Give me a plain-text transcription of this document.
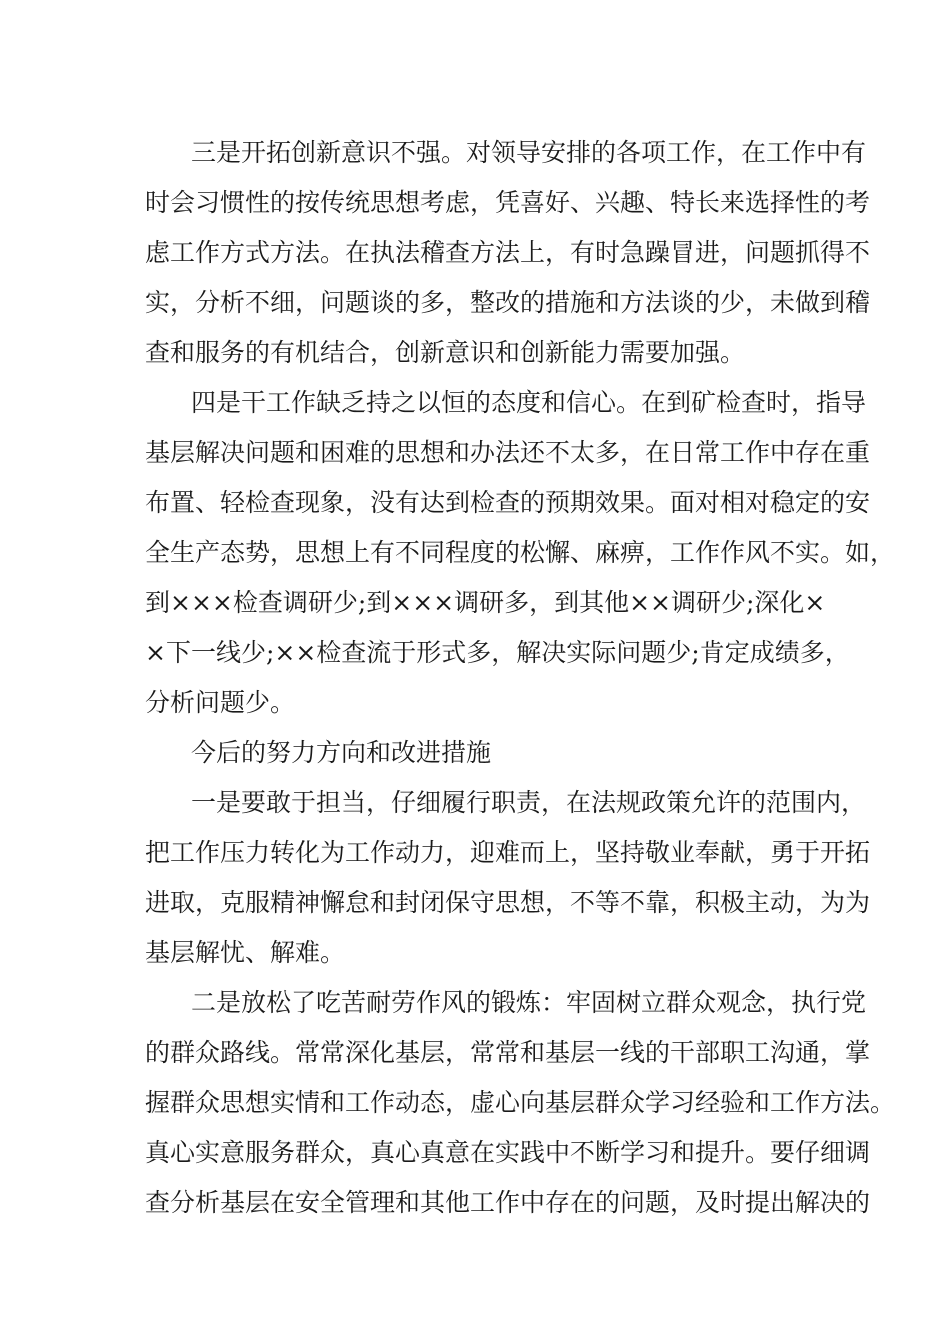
三是开拓创新意识不强。对领导安排的各项工作，在工作中有
时会习惯性的按传统思想考虑，凭喜好、兴趣、特长来选择性的考
虑工作方式方法。在执法稽查方法上，有时急躁冒进，问题抓得不
实，分析不细，问题谈的多，整改的措施和方法谈的少，未做到稽
查和服务的有机结合，创新意识和创新能力需要加强。
四是干工作缺乏持之以恒的态度和信心。在到矿检查时，指导
基层解决问题和困难的思想和办法还不太多，在日常工作中存在重
布置、轻检查现象，没有达到检查的预期效果。面对相对稳定的安
全生产态势，思想上有不同程度的松懈、麻痹，工作作风不实。如，
到×××检查调研少;到×××调研多，到其他××调研少;深化×
×下一线少;××检查流于形式多，解决实际问题少;肯定成绩多，
分析问题少。
今后的努力方向和改进措施
一是要敢于担当，仔细履行职责，在法规政策允许的范围内，
把工作压力转化为工作动力，迎难而上，坚持敬业奉献，勇于开拓
进取，克服精神懈怠和封闭保守思想，不等不靠，积极主动，为为
基层解忧、解难。
二是放松了吃苦耐劳作风的锻炼：牢固树立群众观念，执行党
的群众路线。常常深化基层，常常和基层一线的干部职工沟通，掌
握群众思想实情和工作动态，虚心向基层群众学习经验和工作方法。
真心实意服务群众，真心真意在实践中不断学习和提升。要仔细调
查分析基层在安全管理和其他工作中存在的问题，及时提出解决的
